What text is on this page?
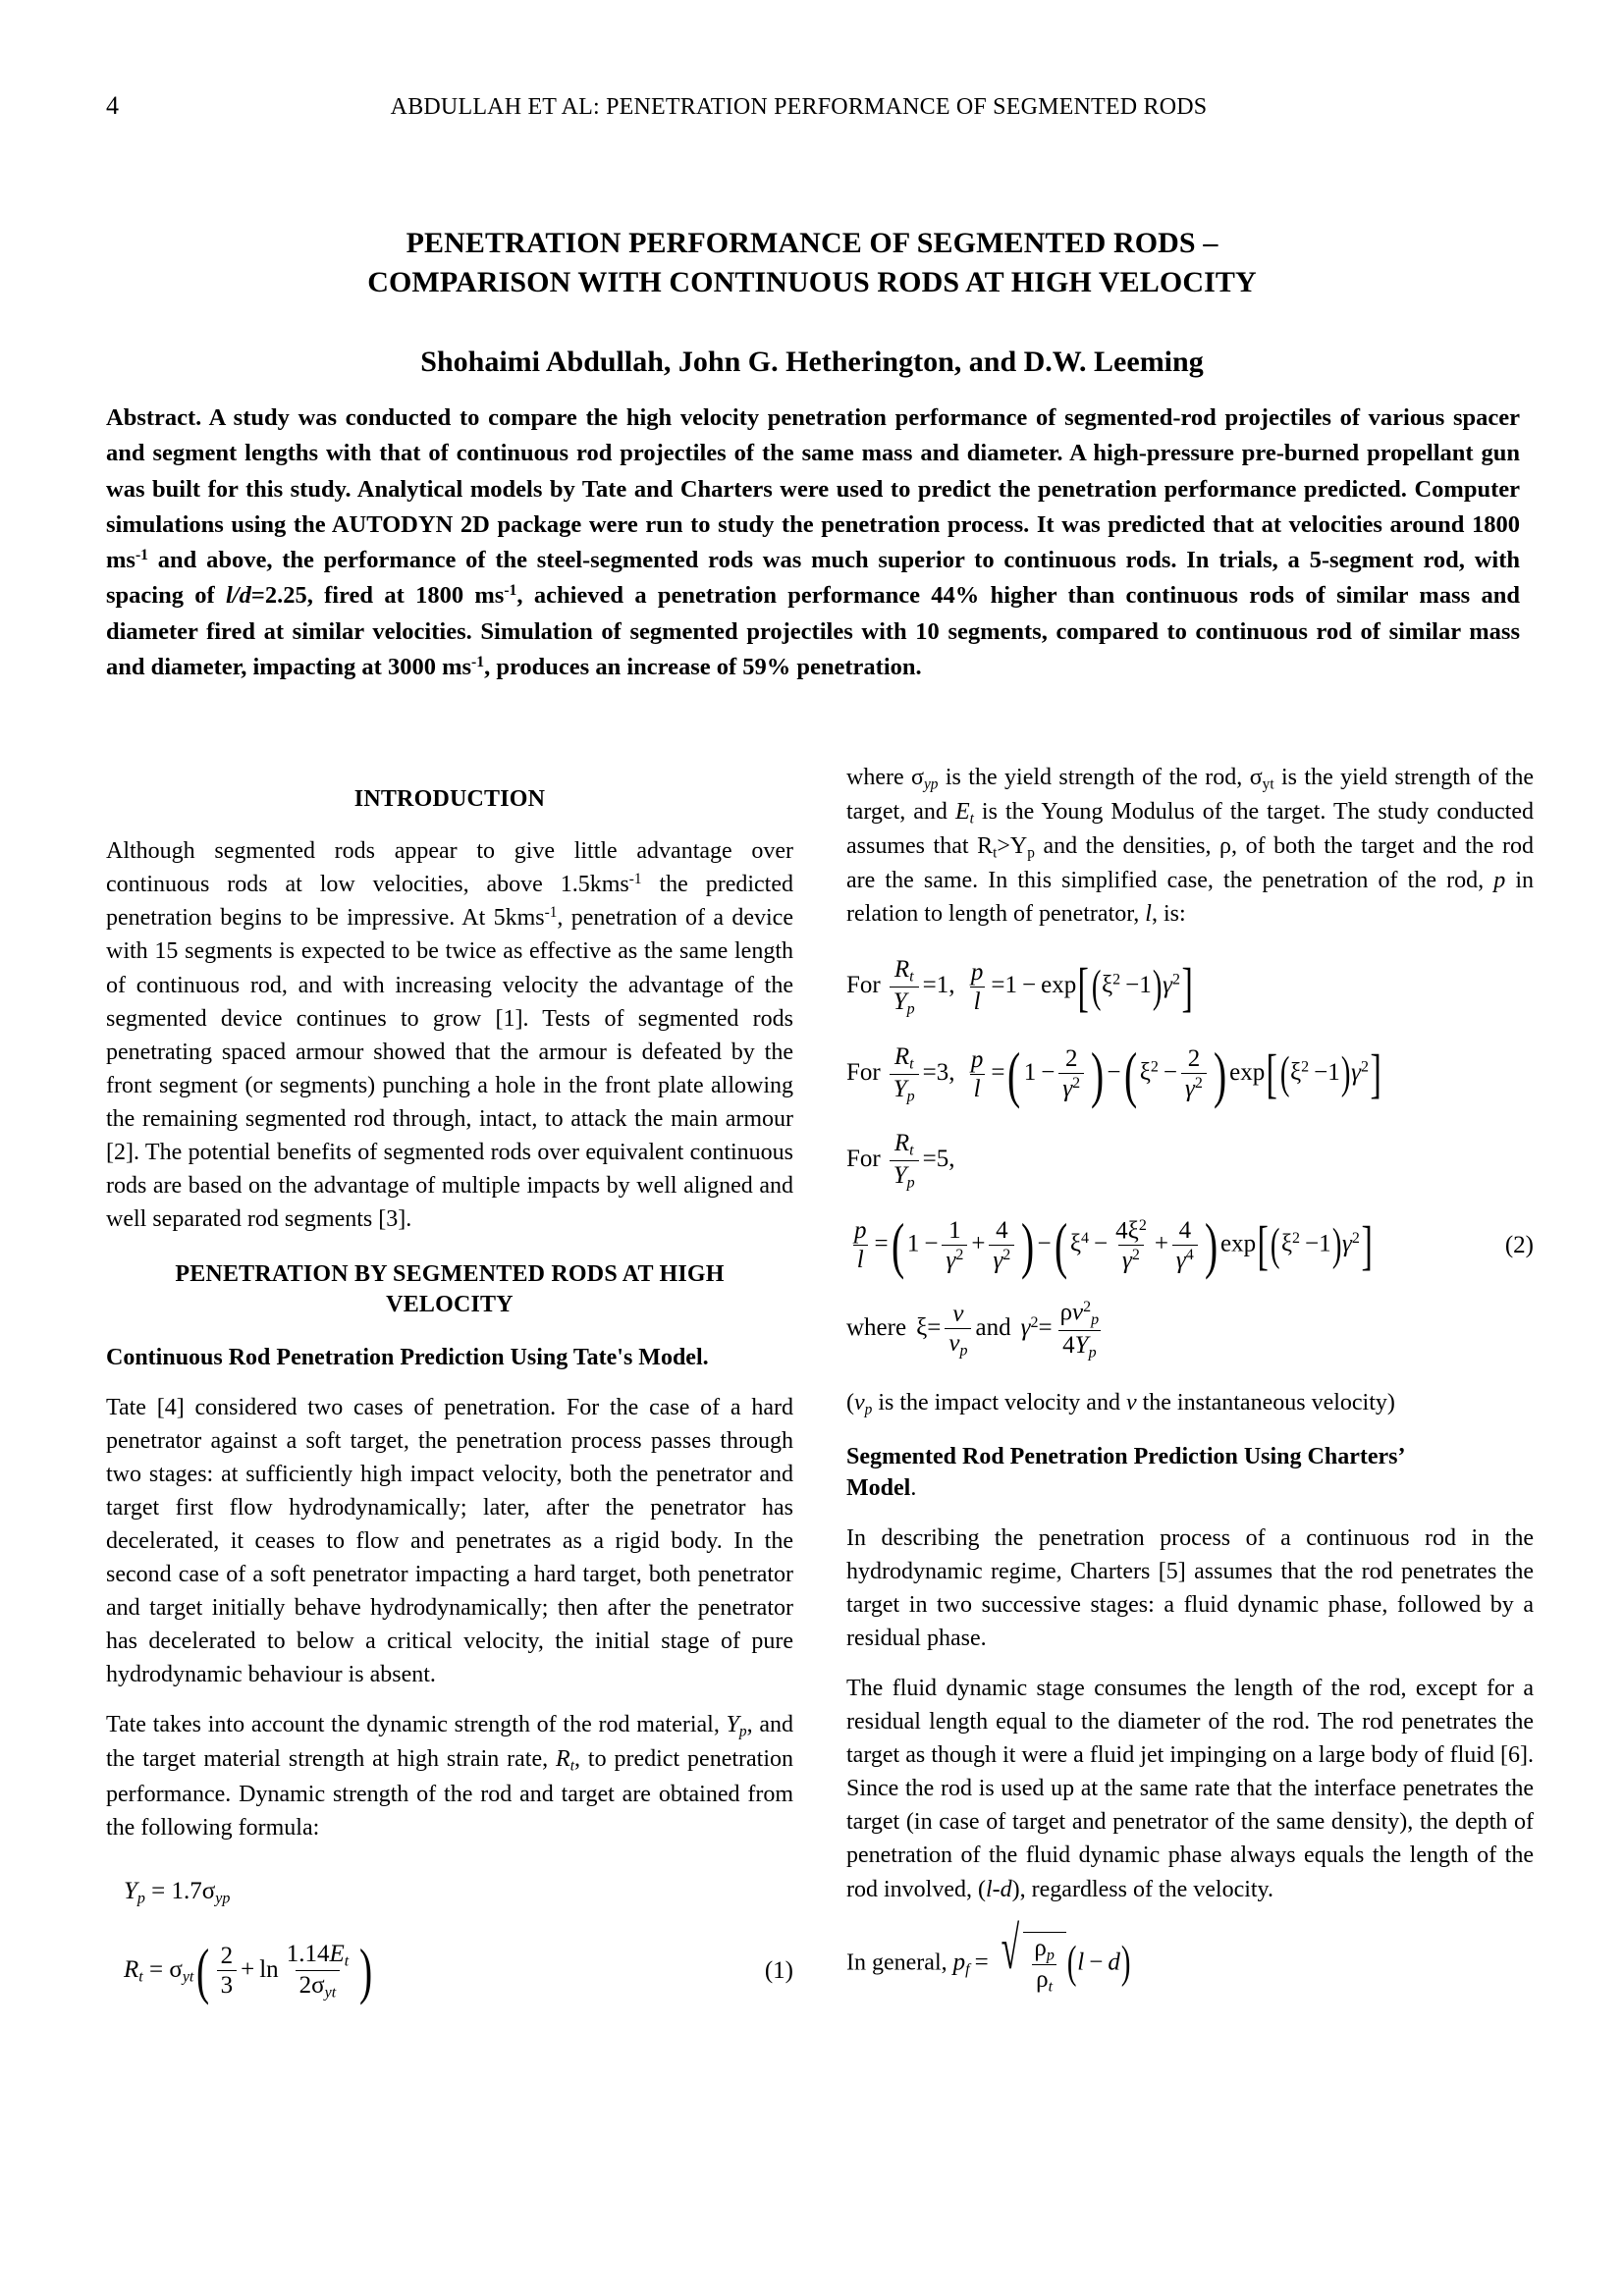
4	ABDULLAH ET AL: PENETRATION PERFORMANCE OF SEGMENTED RODS
PENETRATION PERFORMANCE OF SEGMENTED RODS –
COMPARISON WITH CONTINUOUS RODS AT HIGH VELOCITY
Shohaimi Abdullah, John G. Hetherington, and D.W. Leeming
Abstract. A study was conducted to compare the high velocity penetration performance of segmented-rod projectiles of various spacer and segment lengths with that of continuous rod projectiles of the same mass and diameter. A high-pressure pre-burned propellant gun was built for this study. Analytical models by Tate and Charters were used to predict the penetration performance predicted. Computer simulations using the AUTODYN 2D package were run to study the penetration process. It was predicted that at velocities around 1800 $ms^{-1}$ and above, the performance of the steel-segmented rods was much superior to continuous rods. In trials, a 5-segment rod, with spacing of l/d=2.25, fired at 1800 $ms^{-1}$, achieved a penetration performance 44% higher than continuous rods of similar mass and diameter fired at similar velocities. Simulation of segmented projectiles with 10 segments, compared to continuous rod of similar mass and diameter, impacting at 3000 $ms^{-1}$, produces an increase of 59% penetration.
INTRODUCTION

Although segmented rods appear to give little advantage over continuous rods at low velocities, above 1.5kms$^{-1}$ the predicted penetration begins to be impressive. At 5kms$^{-1}$, penetration of a device with 15 segments is expected to be twice as effective as the same length of continuous rod, and with increasing velocity the advantage of the segmented device continues to grow [1]. Tests of segmented rods penetrating spaced armour showed that the armour is defeated by the front segment (or segments) punching a hole in the front plate allowing the remaining segmented rod through, intact, to attack the main armour [2]. The potential benefits of segmented rods over equivalent continuous rods are based on the advantage of multiple impacts by well aligned and well separated rod segments [3].

PENETRATION BY SEGMENTED RODS AT HIGH
VELOCITY
Continuous Rod Penetration Prediction Using Tate's Model.

Tate [4] considered two cases of penetration. For the case of a hard penetrator against a soft target, the penetration process passes through two stages: at sufficiently high impact velocity, both the penetrator and target first flow hydrodynamically; later, after the penetrator has decelerated, it ceases to flow and penetrates as a rigid body. In the second case of a soft penetrator impacting a hard target, both penetrator and target initially behave hydrodynamically; then after the penetrator has decelerated to below a critical velocity, the initial stage of pure hydrodynamic behaviour is absent.

Tate takes into account the dynamic strength of the rod material, $Y_p$, and the target material strength at high strain rate, $R_t$, to predict penetration performance. Dynamic strength of the rod and target are obtained from the following formula:

$Y_p = 1.7\sigma_{yp}$
$R_t = \sigma_{yt}( \frac{2}{3} + \ln \frac{1.14E_t}{2\sigma_{yt}}$ )	(1)

where $\sigma_{yp}$ is the yield strength of the rod, $\sigma_{yt}$ is the yield strength of the target, and $E_t$ is the Young Modulus of the target. The study conducted assumes that $R_t>Y_p$ and the densities, ρ, of both the target and the rod are the same. In this simplified case, the penetration of the rod, p in relation to length of penetrator, l, is:

For  $\frac{R_t}{Y_p} =1$,   $\frac{p}{l} =1 - \exp[(\xi^2 -1)\gamma^2]$
For  $\frac{R_t}{Y_p} =3$,   $\frac{p}{l}$ =( $1 - \frac{2}{\gamma^2}$ ) −( $\xi^2 - \frac{2}{\gamma^2}$ ) $\exp[(\xi^2 -1)\gamma^2]$
For  $\frac{R_t}{Y_p} =5$,
$\frac{p}{l}$ =( $1 - \frac{1}{\gamma^2} + \frac{4}{\gamma^2}$ ) −( $\xi^4 - \frac{4\xi^2}{\gamma^2} + \frac{4}{\gamma^4}$ ) $\exp[(\xi^2 -1)\gamma^2]$	(2)
where   $\xi= \frac{\nu}{\nu_p}$ and   $\gamma^2= \frac{\rho\nu^2_p}{4Y_p}$

($v_p$ is the impact velocity and v the instantaneous velocity)

Segmented Rod Penetration Prediction Using Charters’
Model.

In describing the penetration process of a continuous rod in the hydrodynamic regime, Charters [5] assumes that the rod penetrates the target in two successive stages: a fluid dynamic phase, followed by a residual phase.

The fluid dynamic stage consumes the length of the rod, except for a residual length equal to the diameter of the rod. The rod penetrates the target as though it were a fluid jet impinging on a large body of fluid [6]. Since the rod is used up at the same rate that the interface penetrates the target (in case of target and penetrator of the same density), the depth of penetration of the fluid dynamic phase always equals the length of the rod involved, (l-d), regardless of the velocity.

In general, $p_f$  =  √ $\frac{\rho_p}{\rho_t} (l - d)$
